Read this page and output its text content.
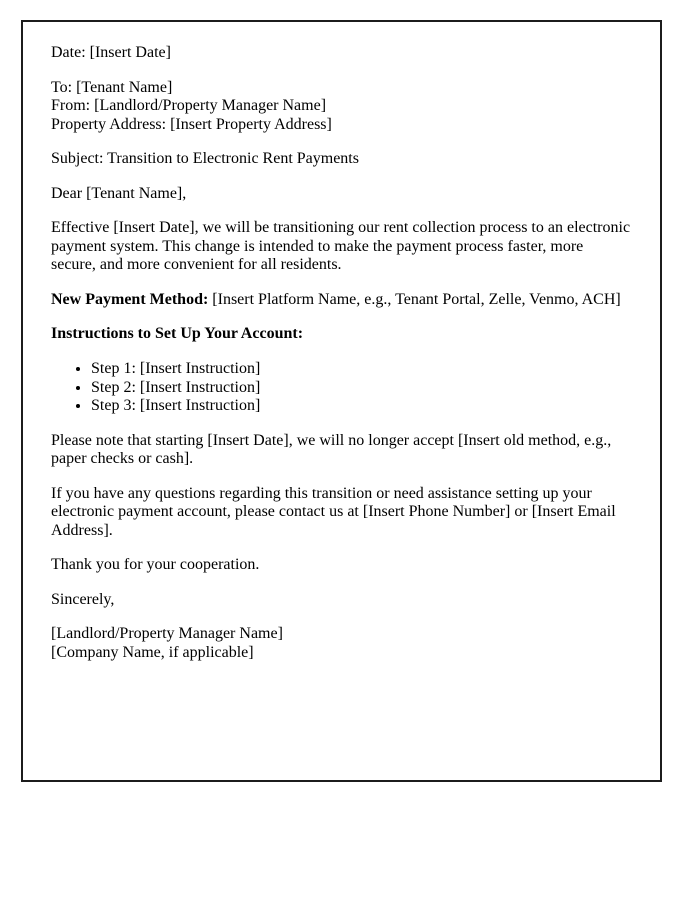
Date: [Insert Date]

To: [Tenant Name]
From: [Landlord/Property Manager Name]
Property Address: [Insert Property Address]

Subject: Transition to Electronic Rent Payments

Dear [Tenant Name],

Effective [Insert Date], we will be transitioning our rent collection process to an electronic payment system. This change is intended to make the payment process faster, more secure, and more convenient for all residents.

New Payment Method: [Insert Platform Name, e.g., Tenant Portal, Zelle, Venmo, ACH]

Instructions to Set Up Your Account:

• Step 1: [Insert Instruction]
• Step 2: [Insert Instruction]
• Step 3: [Insert Instruction]

Please note that starting [Insert Date], we will no longer accept [Insert old method, e.g., paper checks or cash].

If you have any questions regarding this transition or need assistance setting up your electronic payment account, please contact us at [Insert Phone Number] or [Insert Email Address].

Thank you for your cooperation.

Sincerely,

[Landlord/Property Manager Name]
[Company Name, if applicable]
